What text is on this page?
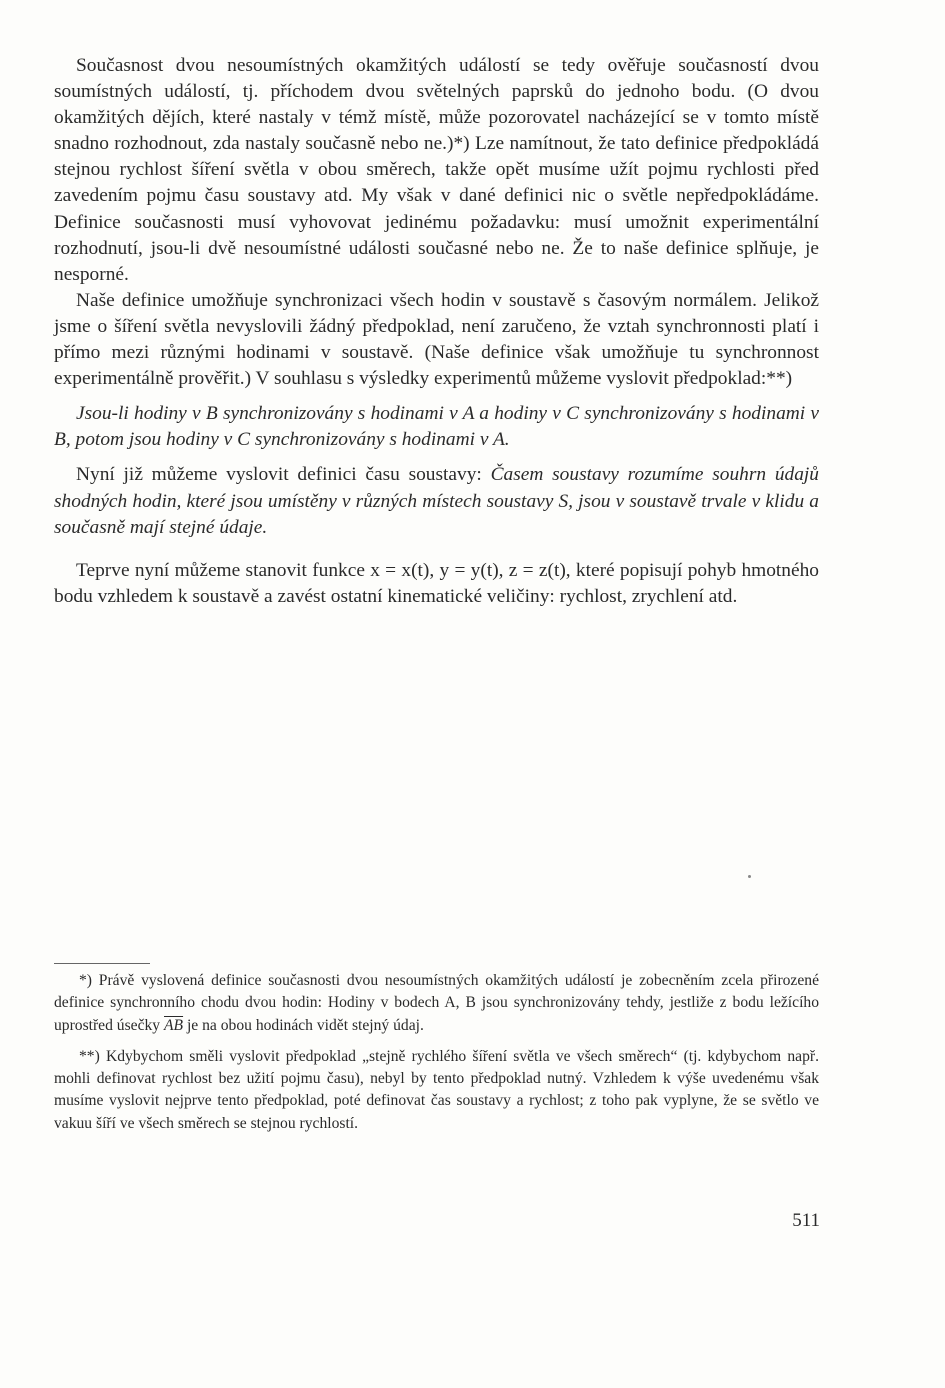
Současnost dvou nesoumístných okamžitých událostí se tedy ověřuje současností dvou soumístných událostí, tj. příchodem dvou světelných paprsků do jednoho bodu. (O dvou okamžitých dějích, které nastaly v témž místě, může pozorovatel nacházející se v tomto místě snadno rozhodnout, zda nastaly současně nebo ne.)*) Lze namítnout, že tato definice předpokládá stejnou rychlost šíření světla v obou směrech, takže opět musíme užít pojmu rychlosti před zavedením pojmu času soustavy atd. My však v dané definici nic o světle nepředpokládáme. Definice současnosti musí vyhovovat jedinému požadavku: musí umožnit experimentální rozhodnutí, jsou-li dvě nesoumístné události současné nebo ne. Že to naše definice splňuje, je nesporné.

Naše definice umožňuje synchronizaci všech hodin v soustavě s časovým normálem. Jelikož jsme o šíření světla nevyslovili žádný předpoklad, není zaručeno, že vztah synchronnosti platí i přímo mezi různými hodinami v soustavě. (Naše definice však umožňuje tu synchronnost experimentálně prověřit.) V souhlasu s výsledky experimentů můžeme vyslovit předpoklad:**)

Jsou-li hodiny v B synchronizovány s hodinami v A a hodiny v C synchronizovány s hodinami v B, potom jsou hodiny v C synchronizovány s hodinami v A.

Nyní již můžeme vyslovit definici času soustavy: Časem soustavy rozumíme souhrn údajů shodných hodin, které jsou umístěny v různých místech soustavy S, jsou v soustavě trvale v klidu a současně mají stejné údaje.

Teprve nyní můžeme stanovit funkce x = x(t), y = y(t), z = z(t), které popisují pohyb hmotného bodu vzhledem k soustavě a zavést ostatní kinematické veličiny: rychlost, zrychlení atd.

*) Právě vyslovená definice současnosti dvou nesoumístných okamžitých událostí je zobecněním zcela přirozené definice synchronního chodu dvou hodin: Hodiny v bodech A, B jsou synchronizovány tehdy, jestliže z bodu ležícího uprostřed úsečky $\overline{AB}$ je na obou hodinách vidět stejný údaj.

**) Kdybychom směli vyslovit předpoklad „stejně rychlého šíření světla ve všech směrech“ (tj. kdybychom např. mohli definovat rychlost bez užití pojmu času), nebyl by tento předpoklad nutný. Vzhledem k výše uvedenému však musíme vyslovit nejprve tento předpoklad, poté definovat čas soustavy a rychlost; z toho pak vyplyne, že se světlo ve vakuu šíří ve všech směrech se stejnou rychlostí.

511
